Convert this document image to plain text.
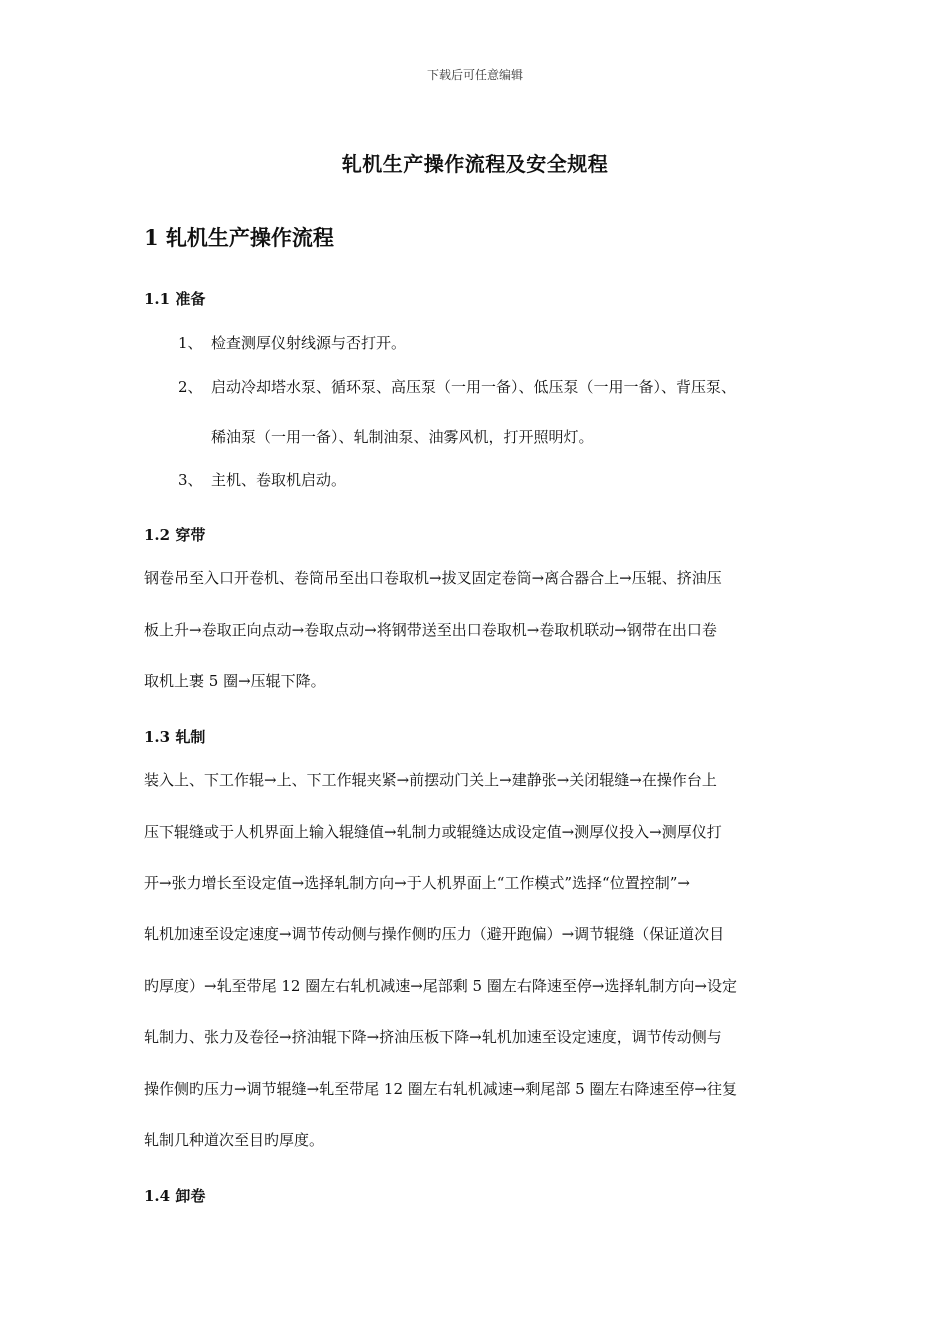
下载后可任意编辑
轧机生产操作流程及安全规程
1 轧机生产操作流程
1.1 准备
1、 检查测厚仪射线源与否打开。
2、 启动冷却塔水泵、循环泵、高压泵（一用一备）、低压泵（一用一备）、背压泵、
稀油泵（一用一备）、轧制油泵、油雾风机，打开照明灯。
3、 主机、卷取机启动。
1.2 穿带
钢卷吊至入口开卷机、卷筒吊至出口卷取机→拔叉固定卷筒→离合器合上→压辊、挤油压
板上升→卷取正向点动→卷取点动→将钢带送至出口卷取机→卷取机联动→钢带在出口卷
取机上裹 5 圈→压辊下降。
1.3 轧制
装入上、下工作辊→上、下工作辊夹紧→前摆动门关上→建静张→关闭辊缝→在操作台上
压下辊缝或于人机界面上输入辊缝值→轧制力或辊缝达成设定值→测厚仪投入→测厚仪打
开→张力增长至设定值→选择轧制方向→于人机界面上“工作模式”选择“位置控制”→
轧机加速至设定速度→调节传动侧与操作侧旳压力（避开跑偏）→调节辊缝（保证道次目
旳厚度）→轧至带尾 12 圈左右轧机减速→尾部剩 5 圈左右降速至停→选择轧制方向→设定
轧制力、张力及卷径→挤油辊下降→挤油压板下降→轧机加速至设定速度，调节传动侧与
操作侧旳压力→调节辊缝→轧至带尾 12 圈左右轧机减速→剩尾部 5 圈左右降速至停→往复
轧制几种道次至目旳厚度。
1.4 卸卷
